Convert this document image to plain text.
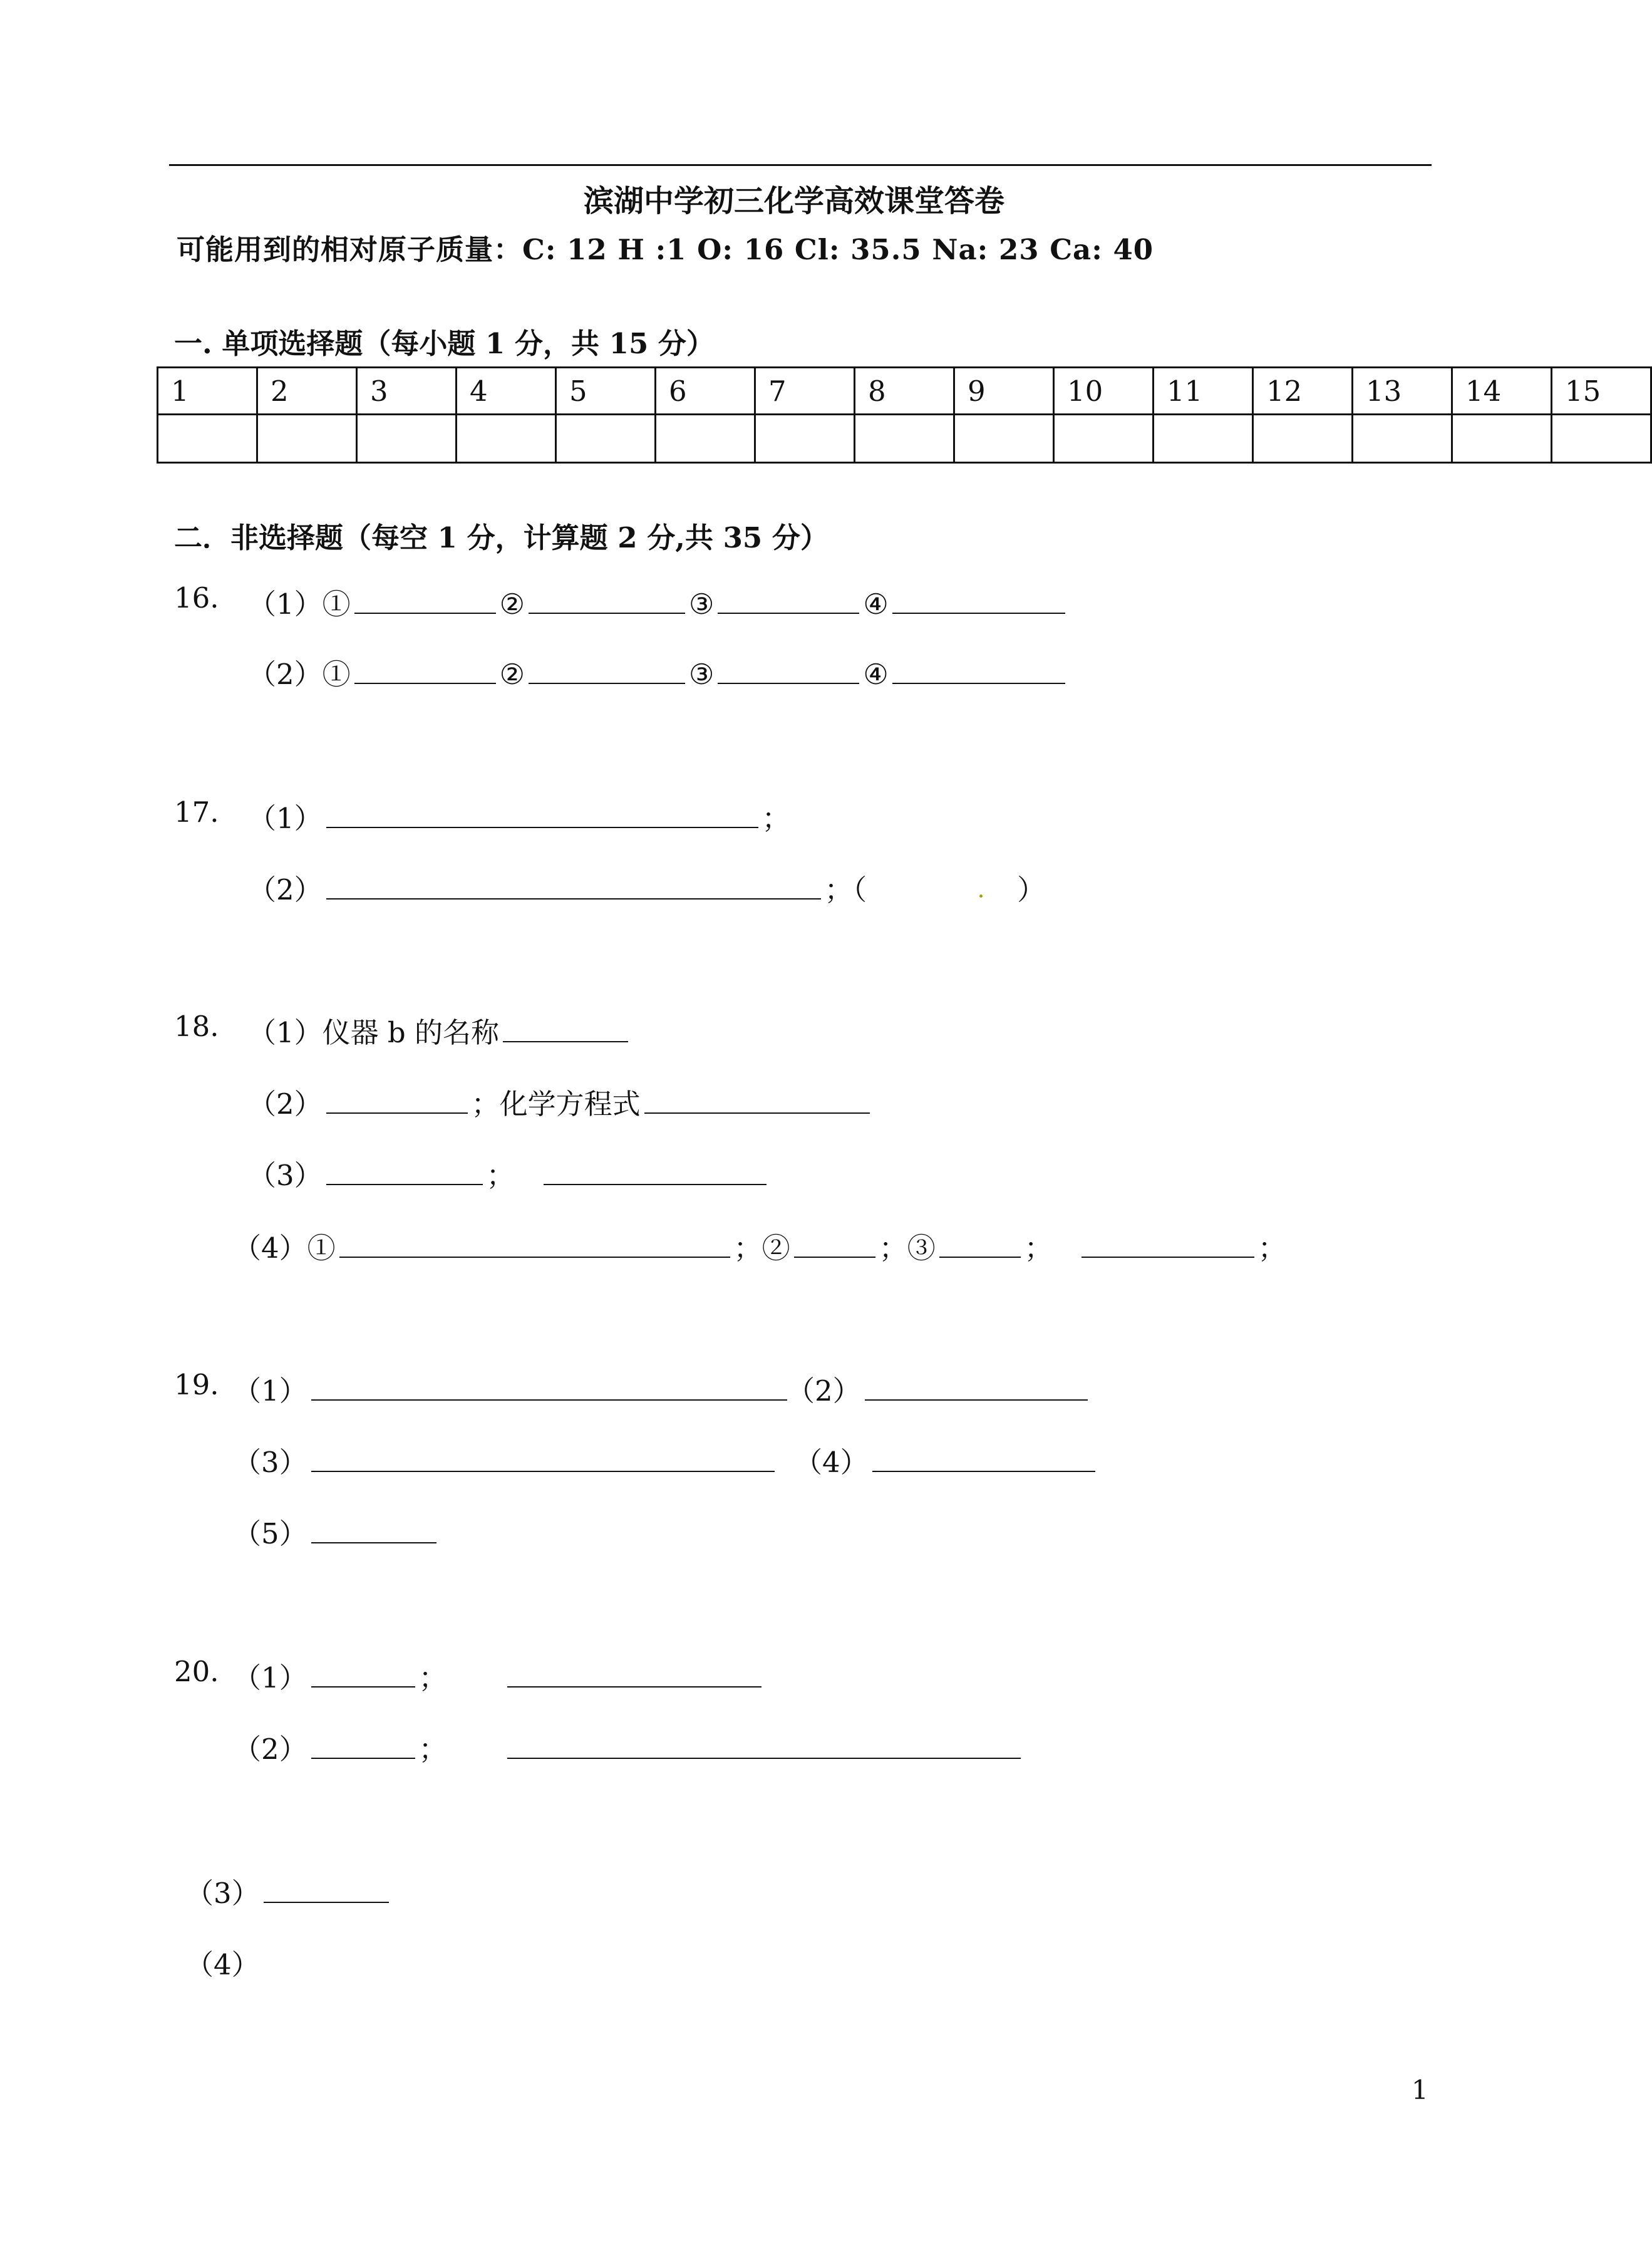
滨湖中学初三化学高效课堂答卷
可能用到的相对原子质量：C: 12 H :1 O: 16 Cl: 35.5 Na: 23 Ca: 40
一. 单项选择题（每小题 1 分，共 15 分）
1	2	3	4	5	6	7	8	9	10	11	12	13	14	15

二．非选择题（每空 1 分，计算题 2 分,共 35 分）
16. （1）①	②	③	④
（2）①	②	③	④
17. （1）	；
（2）	；（	）
18. （1）仪器 b 的名称
（2）	；化学方程式
（3）	；
（4）①	；②	；③	；	；
19. （1）	（2）
（3）	（4）
（5）
20. （1）	；
（2）	；
（3）
（4）
1
